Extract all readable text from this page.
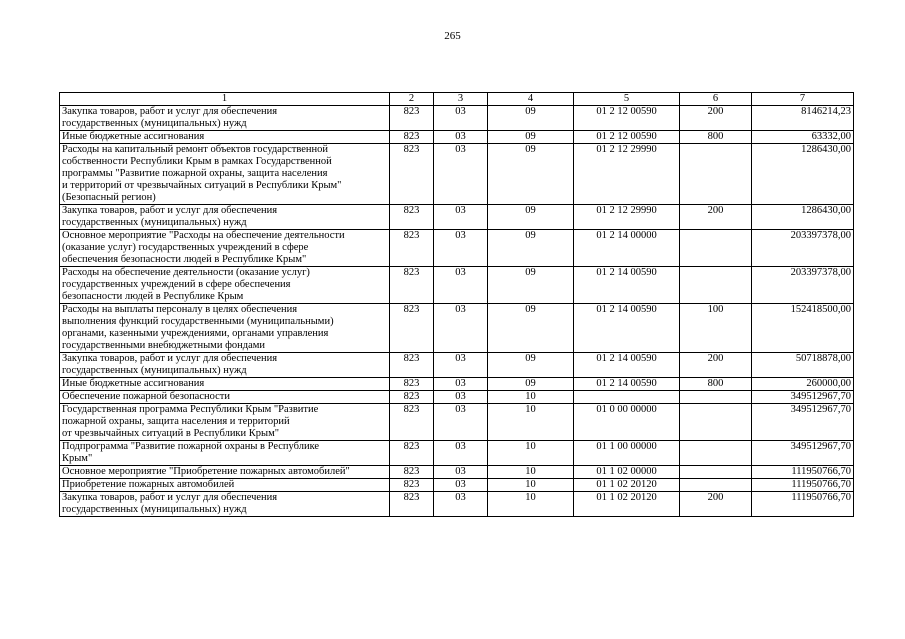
265
1	2	3	4	5	6	7
Закупка товаров, работ и услуг для обеспечения
государственных (муниципальных) нужд	823	03	09	01 2 12 00590	200	8146214,23
Иные бюджетные ассигнования	823	03	09	01 2 12 00590	800	63332,00
Расходы на капитальный ремонт объектов государственной
собственности Республики Крым в рамках Государственной
программы "Развитие пожарной охраны, защита населения
и территорий от чрезвычайных ситуаций в Республики Крым"
(Безопасный регион)	823	03	09	01 2 12 29990		1286430,00
Закупка товаров, работ и услуг для обеспечения
государственных (муниципальных) нужд	823	03	09	01 2 12 29990	200	1286430,00
Основное мероприятие "Расходы на обеспечение деятельности
(оказание услуг) государственных учреждений в сфере
обеспечения безопасности людей в Республике Крым"	823	03	09	01 2 14 00000		203397378,00
Расходы на обеспечение деятельности (оказание услуг)
государственных учреждений в сфере обеспечения
безопасности людей в Республике Крым	823	03	09	01 2 14 00590		203397378,00
Расходы на выплаты персоналу в целях обеспечения
выполнения функций государственными (муниципальными)
органами, казенными учреждениями, органами управления
государственными внебюджетными фондами	823	03	09	01 2 14 00590	100	152418500,00
Закупка товаров, работ и услуг для обеспечения
государственных (муниципальных) нужд	823	03	09	01 2 14 00590	200	50718878,00
Иные бюджетные ассигнования	823	03	09	01 2 14 00590	800	260000,00
Обеспечение пожарной безопасности	823	03	10			349512967,70
Государственная программа Республики Крым "Развитие
пожарной охраны, защита населения и территорий
от чрезвычайных ситуаций в Республики Крым"	823	03	10	01 0 00 00000		349512967,70
Подпрограмма "Развитие пожарной охраны в Республике
Крым"	823	03	10	01 1 00 00000		349512967,70
Основное мероприятие "Приобретение пожарных автомобилей"	823	03	10	01 1 02 00000		111950766,70
Приобретение пожарных автомобилей	823	03	10	01 1 02 20120		111950766,70
Закупка товаров, работ и услуг для обеспечения
государственных (муниципальных) нужд	823	03	10	01 1 02 20120	200	111950766,70
